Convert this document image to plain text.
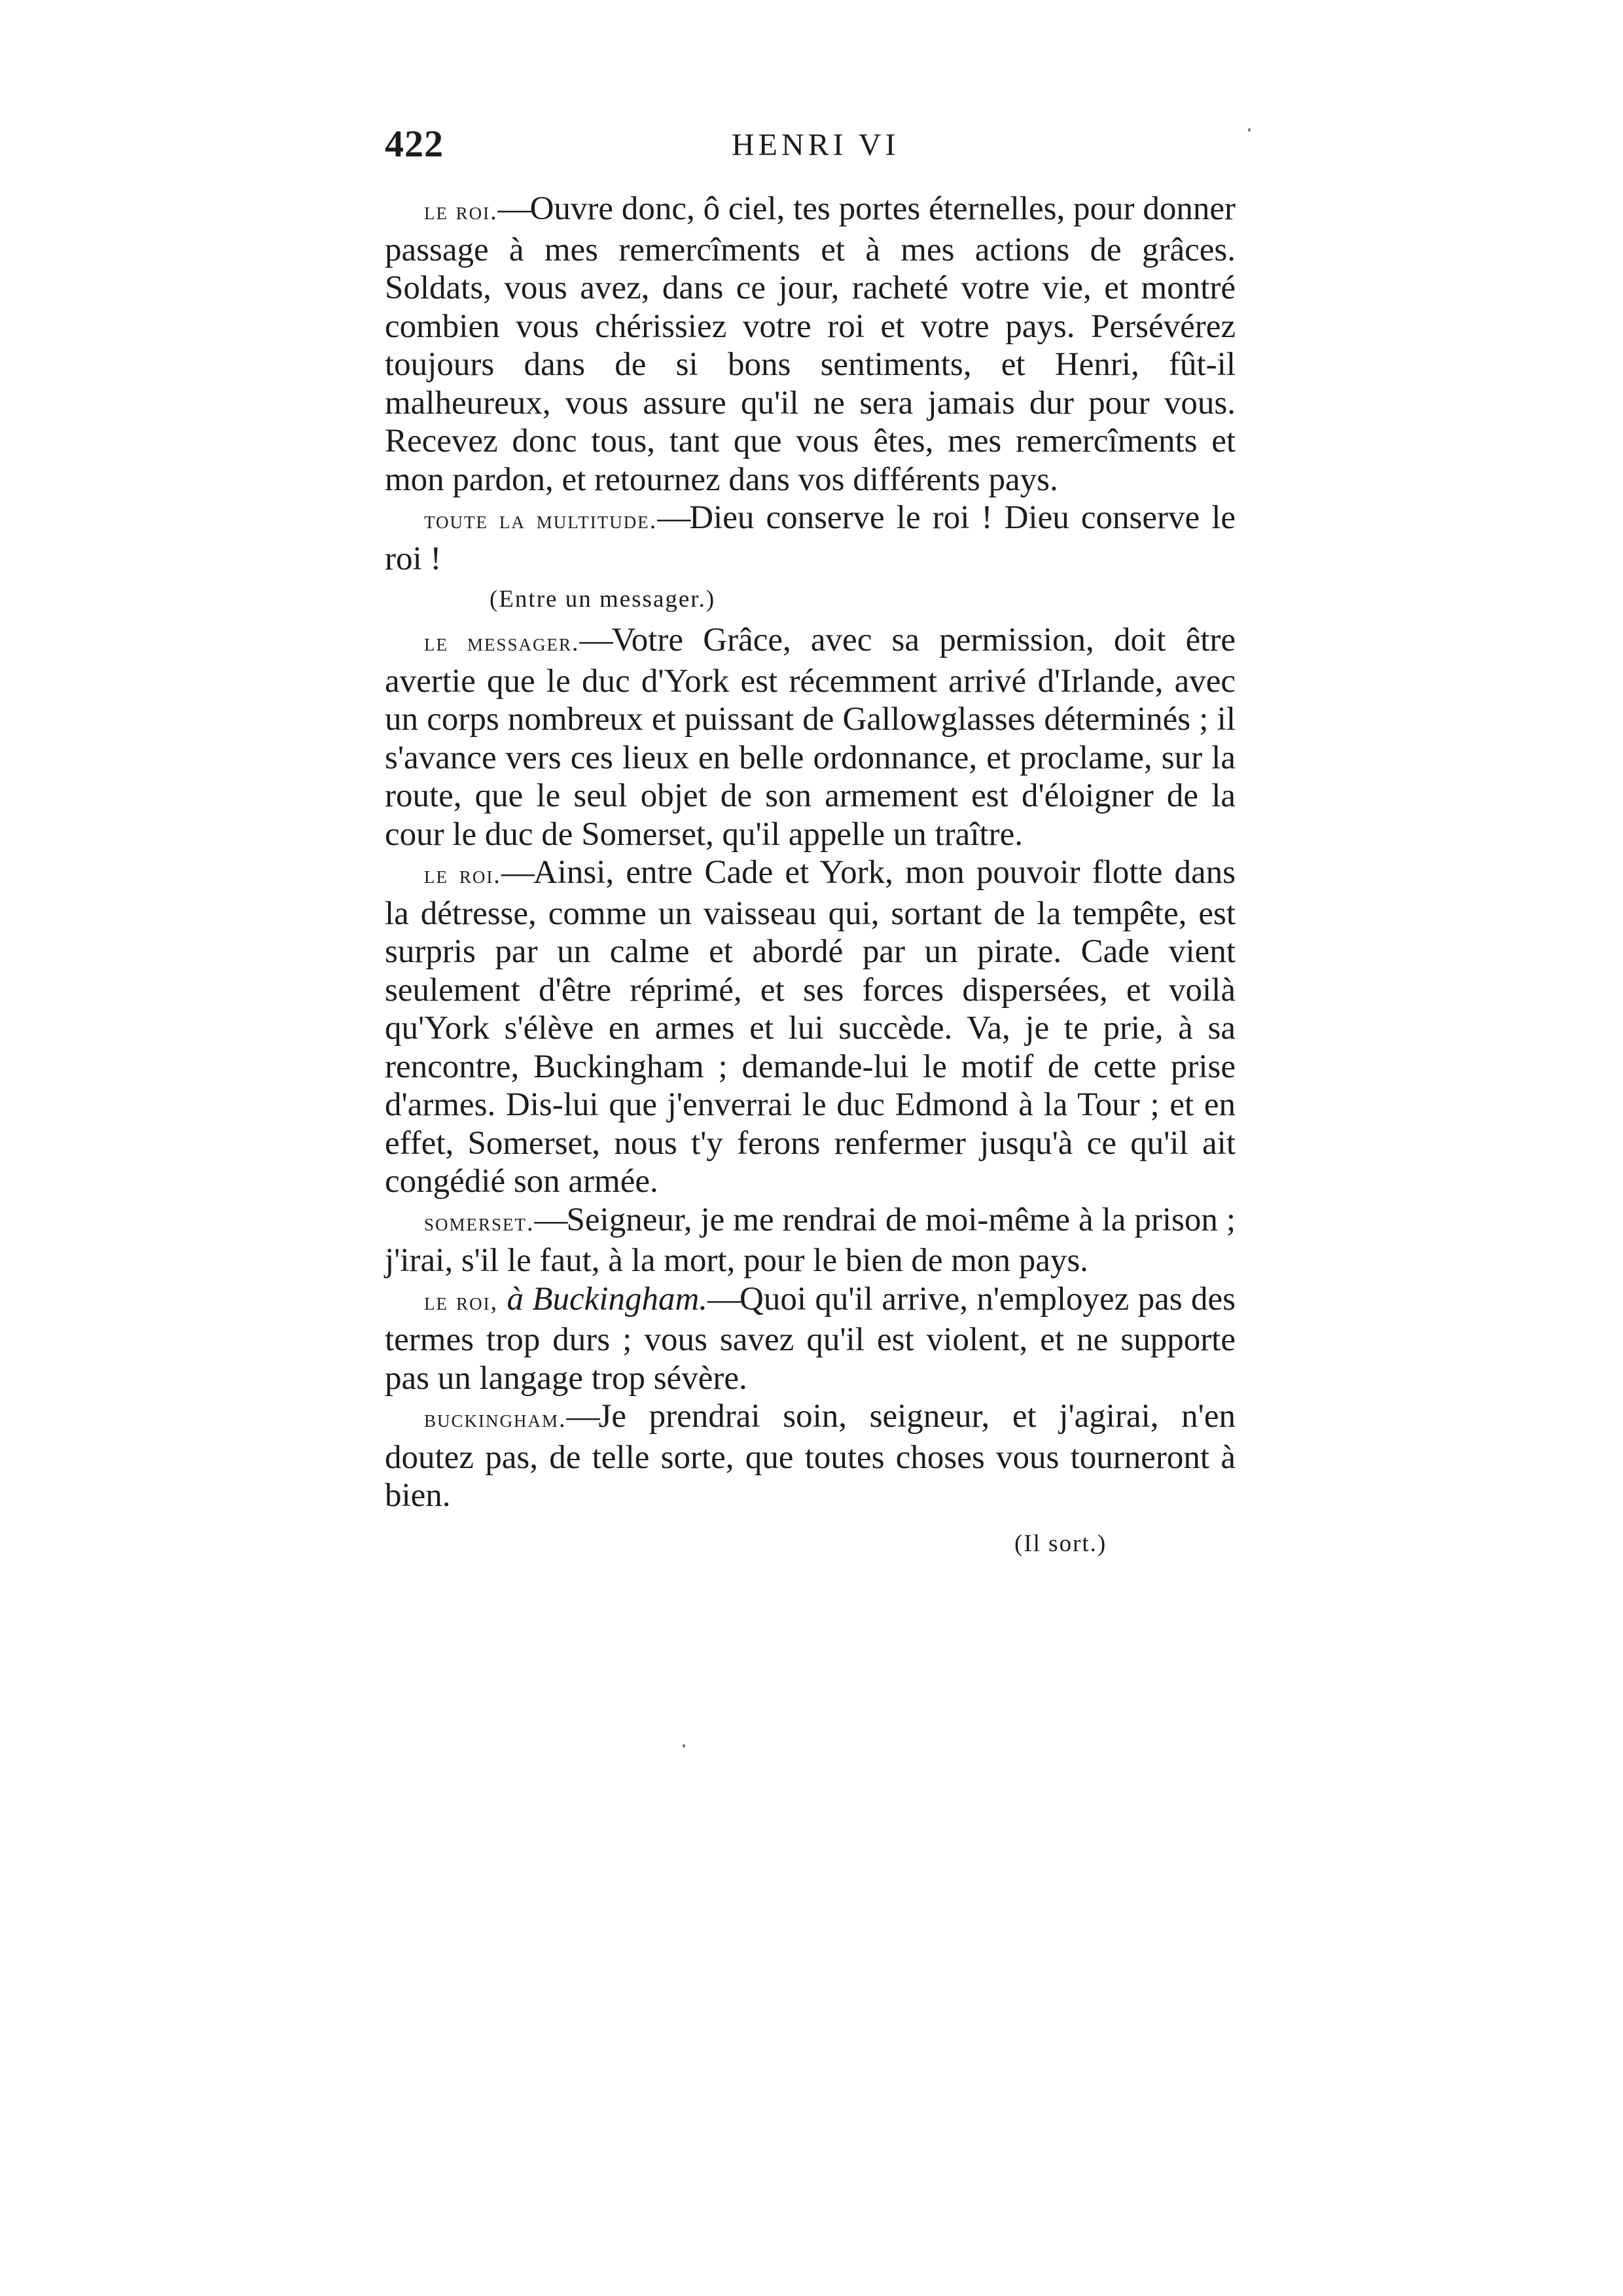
422	HENRI VI

le roi.—Ouvre donc, ô ciel, tes portes éternelles, pour donner passage à mes remercîments et à mes actions de grâces. Soldats, vous avez, dans ce jour, racheté votre vie, et montré combien vous chérissiez votre roi et votre pays. Persévérez toujours dans de si bons sentiments, et Henri, fût-il malheureux, vous assure qu'il ne sera jamais dur pour vous. Recevez donc tous, tant que vous êtes, mes remercîments et mon pardon, et retournez dans vos différents pays.

toute la multitude.—Dieu conserve le roi ! Dieu conserve le roi !

(Entre un messager.)

le messager.—Votre Grâce, avec sa permission, doit être avertie que le duc d'York est récemment arrivé d'Irlande, avec un corps nombreux et puissant de Gallowglasses déterminés ; il s'avance vers ces lieux en belle ordonnance, et proclame, sur la route, que le seul objet de son armement est d'éloigner de la cour le duc de Somerset, qu'il appelle un traître.

le roi.—Ainsi, entre Cade et York, mon pouvoir flotte dans la détresse, comme un vaisseau qui, sortant de la tempête, est surpris par un calme et abordé par un pirate. Cade vient seulement d'être réprimé, et ses forces dispersées, et voilà qu'York s'élève en armes et lui succède. Va, je te prie, à sa rencontre, Buckingham ; demande-lui le motif de cette prise d'armes. Dis-lui que j'enverrai le duc Edmond à la Tour ; et en effet, Somerset, nous t'y ferons renfermer jusqu'à ce qu'il ait congédié son armée.

somerset.—Seigneur, je me rendrai de moi-même à la prison ; j'irai, s'il le faut, à la mort, pour le bien de mon pays.

le roi, à Buckingham.—Quoi qu'il arrive, n'employez pas des termes trop durs ; vous savez qu'il est violent, et ne supporte pas un langage trop sévère.

buckingham.—Je prendrai soin, seigneur, et j'agirai, n'en doutez pas, de telle sorte, que toutes choses vous tourneront à bien.

(Il sort.)
